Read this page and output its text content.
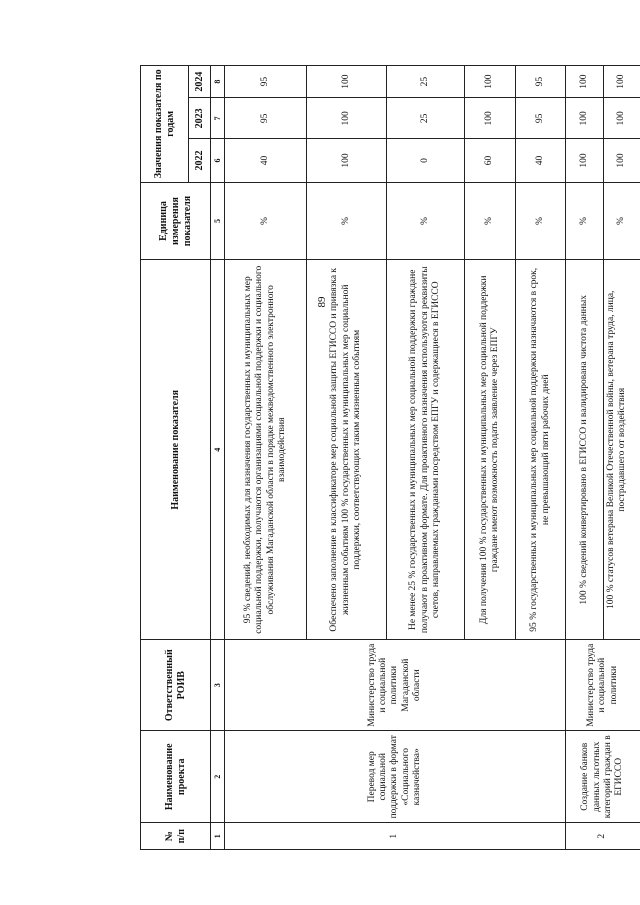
89
№ п/п	Наименование проекта	Ответственный РОИВ	Наименование показателя	Единица измерения показателя	Значения показателя по годам		
					2022	2023	2024
1	2	3	4	5	6	7	8
1	Перевод мер социальной поддержки в формат «Социального казначейства»	Министерство труда и социальной политики Магаданской области	95 % сведений, необходимых для назначения государственных и муниципальных мер социальной поддержки, получаются организациями социальной поддержки и социального обслуживания Магаданской области в порядке межведомственного электронного взаимодействия	%	40	95	95
			Обеспечено заполнение в классификаторе мер социальной защиты ЕГИССО и привязка к жизненным событиям 100 % государственных и муниципальных мер социальной поддержки, соответствующих таким жизненным событиям	%	100	100	100
			Не менее 25 % государственных и муниципальных мер социальной поддержки граждане получают в проактивном формате. Для проактивного назначения используются реквизиты счетов, направляемых гражданами посредством ЕПГУ и содержащиеся в ЕГИССО	%	0	25	25
			Для получения 100 % государственных и муниципальных мер социальной поддержки граждане имеют возможность подать заявление через ЕПГУ	%	60	100	100
			95 % государственных и муниципальных мер социальной поддержки назначаются в срок, не превышающий пяти рабочих дней	%	40	95	95
2	Создание банков данных льготных категорий граждан в ЕГИССО	Министерство труда и социальной политики	100 % сведений конвертировано в ЕГИССО и валидирована чистота данных	%	100	100	100
			100 % статусов ветерана Великой Отечественной войны, ветерана труда, лица, пострадавшего от воздействия	%	100	100	100
